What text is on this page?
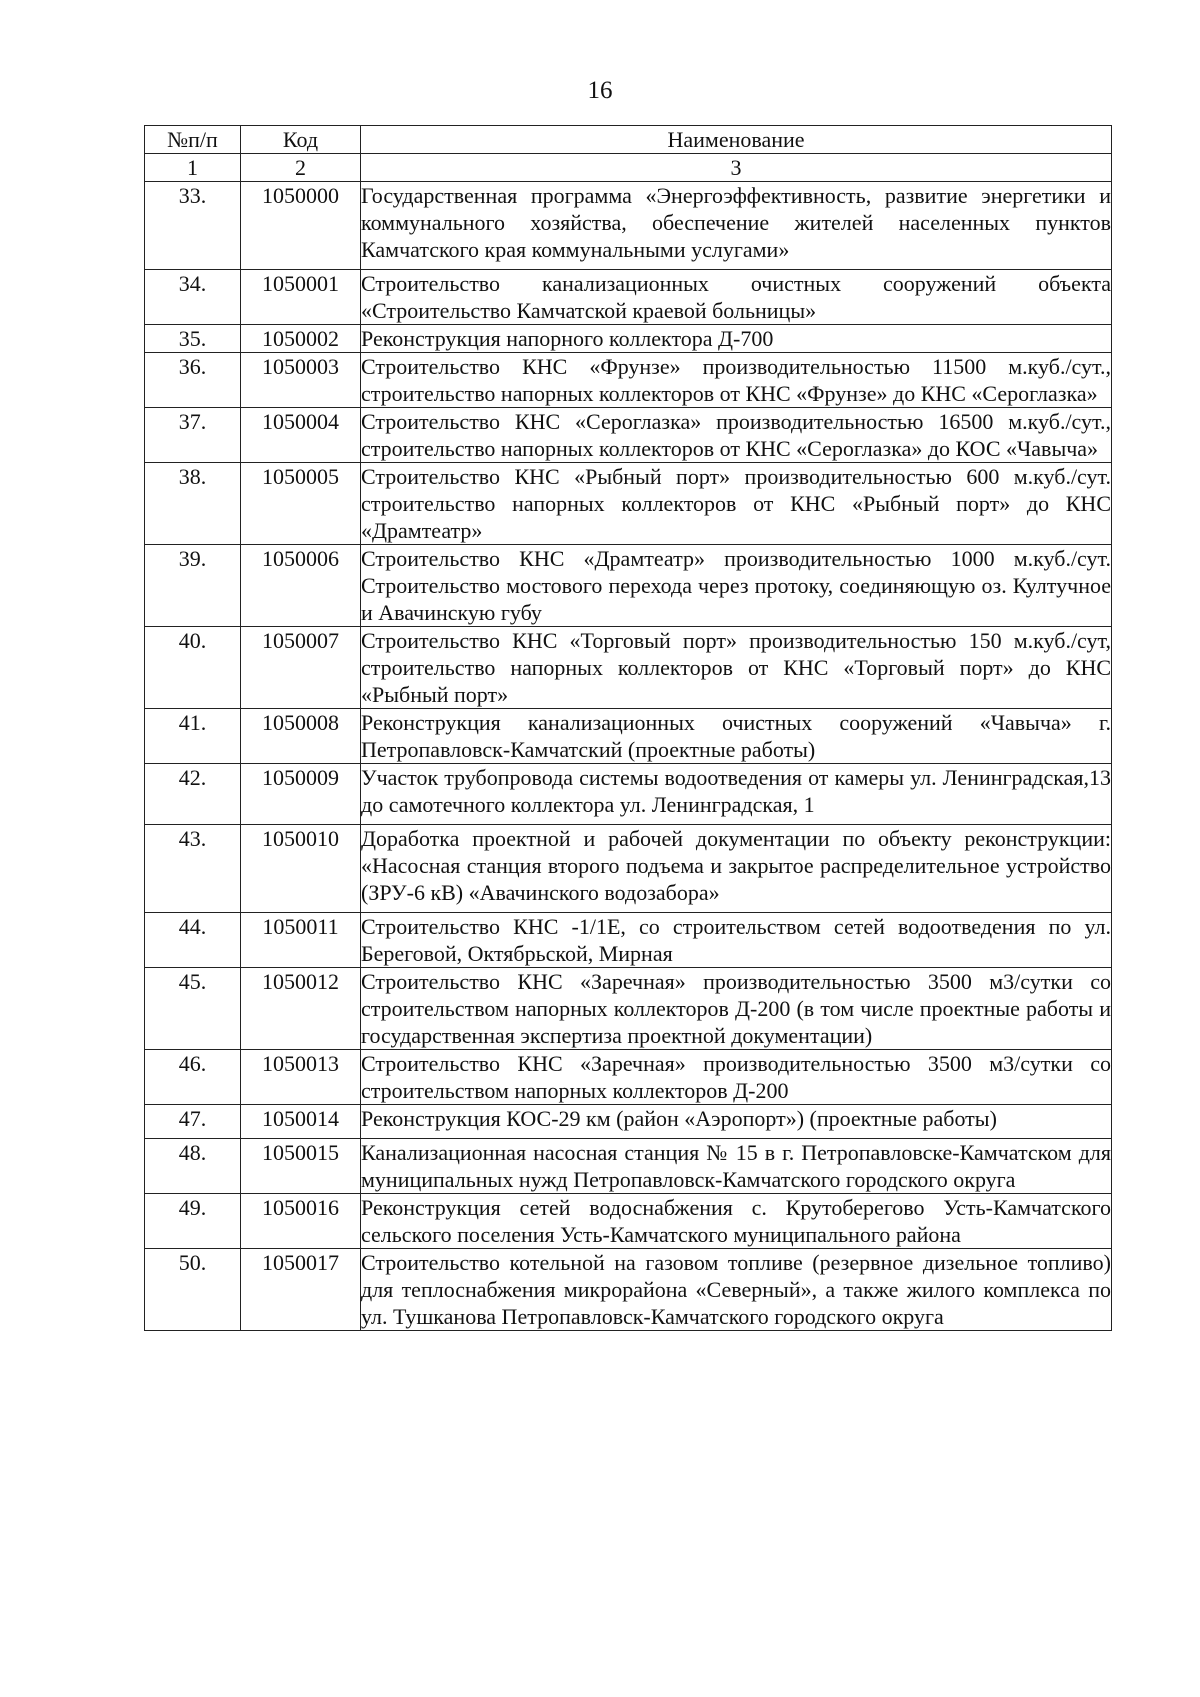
16
№п/п	Код	Наименование
1	2	3
33.	1050000	Государственная программа «Энергоэффективность, развитие энергетики и коммунального хозяйства, обеспечение жителей населенных пунктов Камчатского края коммунальными услугами»
34.	1050001	Строительство канализационных очистных сооружений объекта «Строительство Камчатской краевой больницы»
35.	1050002	Реконструкция напорного коллектора Д-700
36.	1050003	Строительство КНС «Фрунзе» производительностью 11500 м.куб./сут., строительство напорных коллекторов от КНС «Фрунзе» до КНС «Сероглазка»
37.	1050004	Строительство КНС «Сероглазка» производительностью 16500 м.куб./сут., строительство напорных коллекторов от КНС «Сероглазка» до КОС «Чавыча»
38.	1050005	Строительство КНС «Рыбный порт» производительностью 600 м.куб./сут. строительство напорных коллекторов от КНС «Рыбный порт» до КНС «Драмтеатр»
39.	1050006	Строительство КНС «Драмтеатр» производительностью 1000 м.куб./сут. Строительство мостового перехода через протоку, соединяющую оз. Култучное и Авачинскую губу
40.	1050007	Строительство КНС «Торговый порт» производительностью 150 м.куб./сут, строительство напорных коллекторов от КНС «Торговый порт» до КНС «Рыбный порт»
41.	1050008	Реконструкция канализационных очистных сооружений «Чавыча» г. Петропавловск-Камчатский (проектные работы)
42.	1050009	Участок трубопровода системы водоотведения от камеры ул. Ленинградская,13 до самотечного коллектора ул. Ленинградская, 1
43.	1050010	Доработка проектной и рабочей документации по объекту реконструкции: «Насосная станция второго подъема и закрытое распределительное устройство (ЗРУ-6 кВ) «Авачинского водозабора»
44.	1050011	Строительство КНС -1/1Е, со строительством сетей водоотведения по ул. Береговой, Октябрьской, Мирная
45.	1050012	Строительство КНС «Заречная» производительностью 3500 м3/сутки со строительством напорных коллекторов Д-200 (в том числе проектные работы и государственная экспертиза проектной документации)
46.	1050013	Строительство КНС «Заречная» производительностью 3500 м3/сутки со строительством напорных коллекторов Д-200
47.	1050014	Реконструкция КОС-29 км (район «Аэропорт») (проектные работы)
48.	1050015	Канализационная насосная станция № 15 в г. Петропавловске-Камчатском для муниципальных нужд Петропавловск-Камчатского городского округа
49.	1050016	Реконструкция сетей водоснабжения с. Крутоберегово Усть-Камчатского сельского поселения Усть-Камчатского муниципального района
50.	1050017	Строительство котельной на газовом топливе (резервное дизельное топливо) для теплоснабжения микрорайона «Северный», а также жилого комплекса по ул. Тушканова Петропавловск-Камчатского городского округа
